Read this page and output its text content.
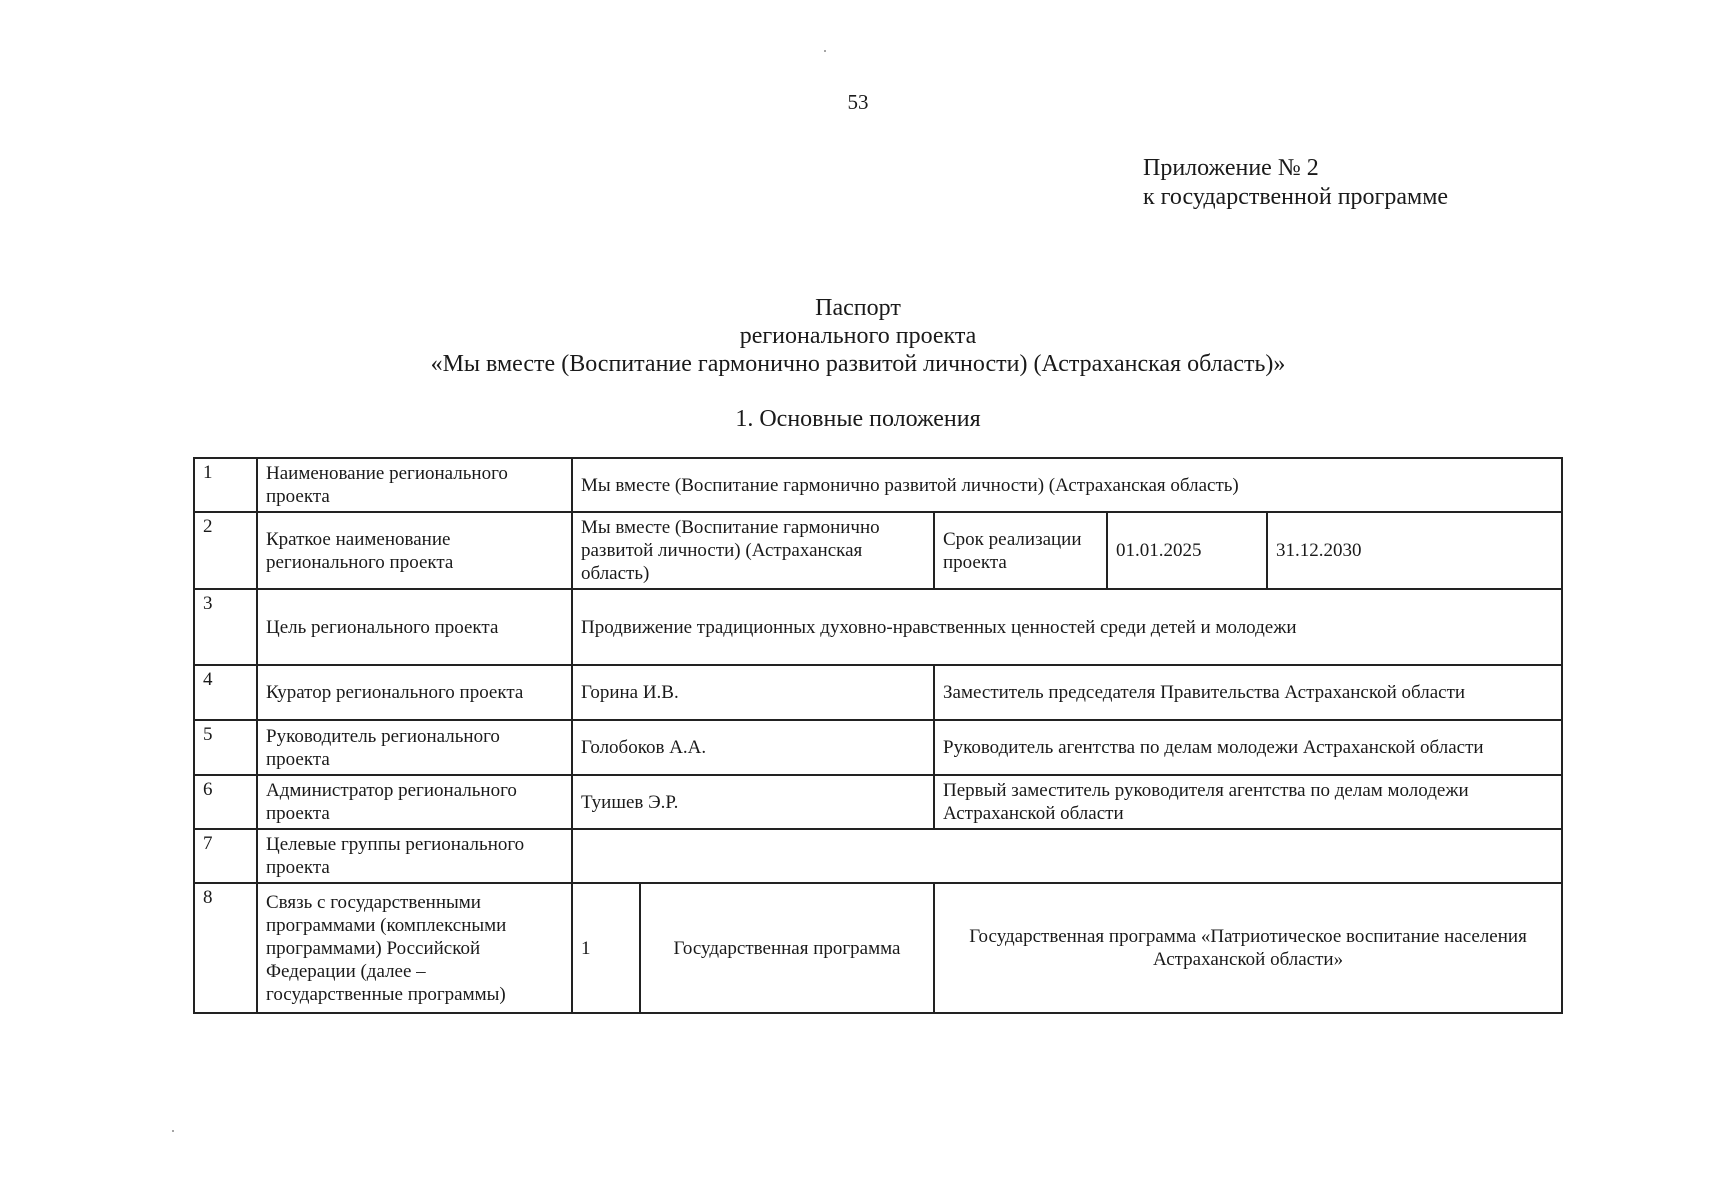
53
Приложение № 2
к государственной программе
Паспорт
регионального проекта
«Мы вместе (Воспитание гармонично развитой личности) (Астраханская область)»
1. Основные положения
1	Наименование регионального проекта	Мы вместе (Воспитание гармонично развитой личности) (Астраханская область)				
2	Краткое наименование регионального проекта	Мы вместе (Воспитание гармонично развитой личности) (Астраханская область)		Срок реализации проекта	01.01.2025	31.12.2030
3	Цель регионального проекта	Продвижение традиционных духовно-нравственных ценностей среди детей и молодежи				
4	Куратор регионального проекта	Горина И.В.		Заместитель председателя Правительства Астраханской области		
5	Руководитель регионального проекта	Голобоков А.А.		Руководитель агентства по делам молодежи Астраханской области		
6	Администратор регионального проекта	Туишев Э.Р.		Первый заместитель руководителя агентства по делам молодежи Астраханской области		
7	Целевые группы регионального проекта					
8	Связь с государственными программами (комплексными программами) Российской Федерации (далее – государственные программы)	1	Государственная программа	Государственная программа «Патриотическое воспитание населения Астраханской области»		
